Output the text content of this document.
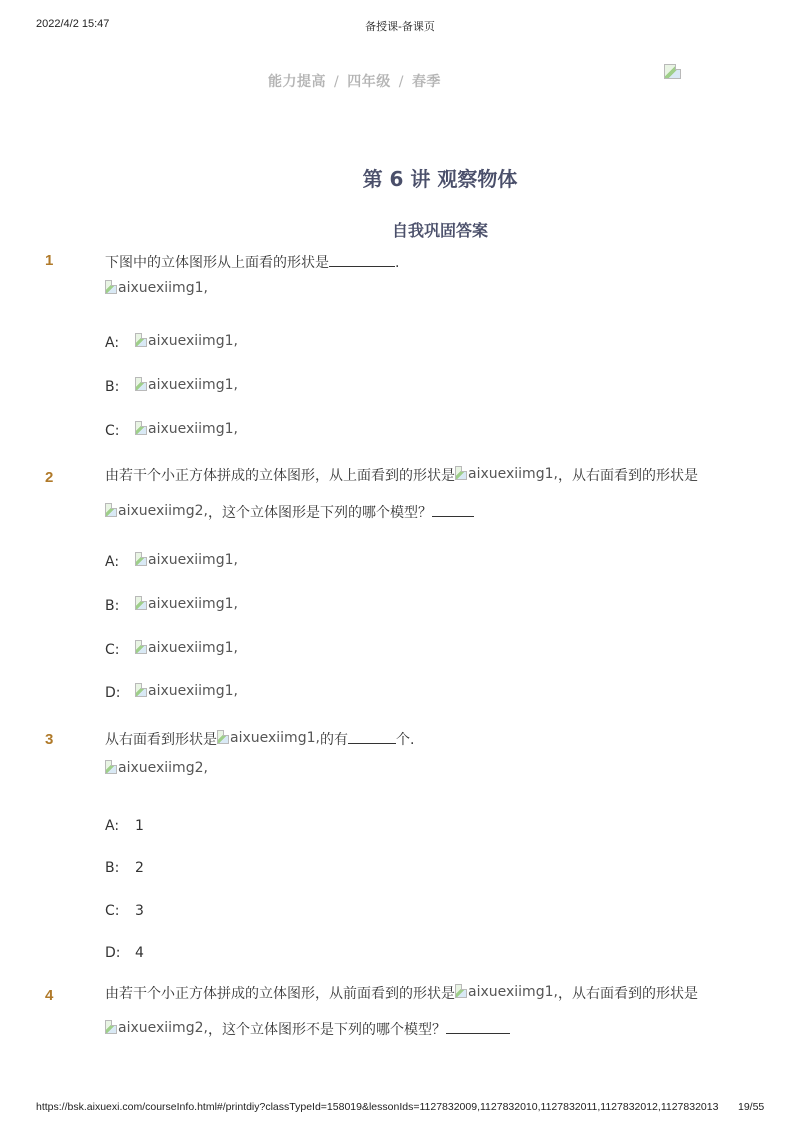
2022/4/2 15:47	备授课-备课页
能力提高 / 四年级 / 春季
第 6 讲 观察物体
自我巩固答案
1	下图中的立体图形从上面看的形状是	.
aixuexiimg1,
A: aixuexiimg1,
B: aixuexiimg1,
C: aixuexiimg1,
2	由若干个小正方体拼成的立体图形，从上面看到的形状是 aixuexiimg1, ，从右面看到的形状是
aixuexiimg2, ，这个立体图形是下列的哪个模型？
A: aixuexiimg1,
B: aixuexiimg1,
C: aixuexiimg1,
D: aixuexiimg1,
3	从右面看到形状是 aixuexiimg1, 的有	个.
aixuexiimg2,
A: 1
B: 2
C: 3
D: 4
4	由若干个小正方体拼成的立体图形，从前面看到的形状是 aixuexiimg1, ，从右面看到的形状是
aixuexiimg2, ，这个立体图形不是下列的哪个模型？
https://bsk.aixuexi.com/courseInfo.html#/printdiy?classTypeId=158019&lessonIds=1127832009,1127832010,1127832011,1127832012,1127832013 19/55
